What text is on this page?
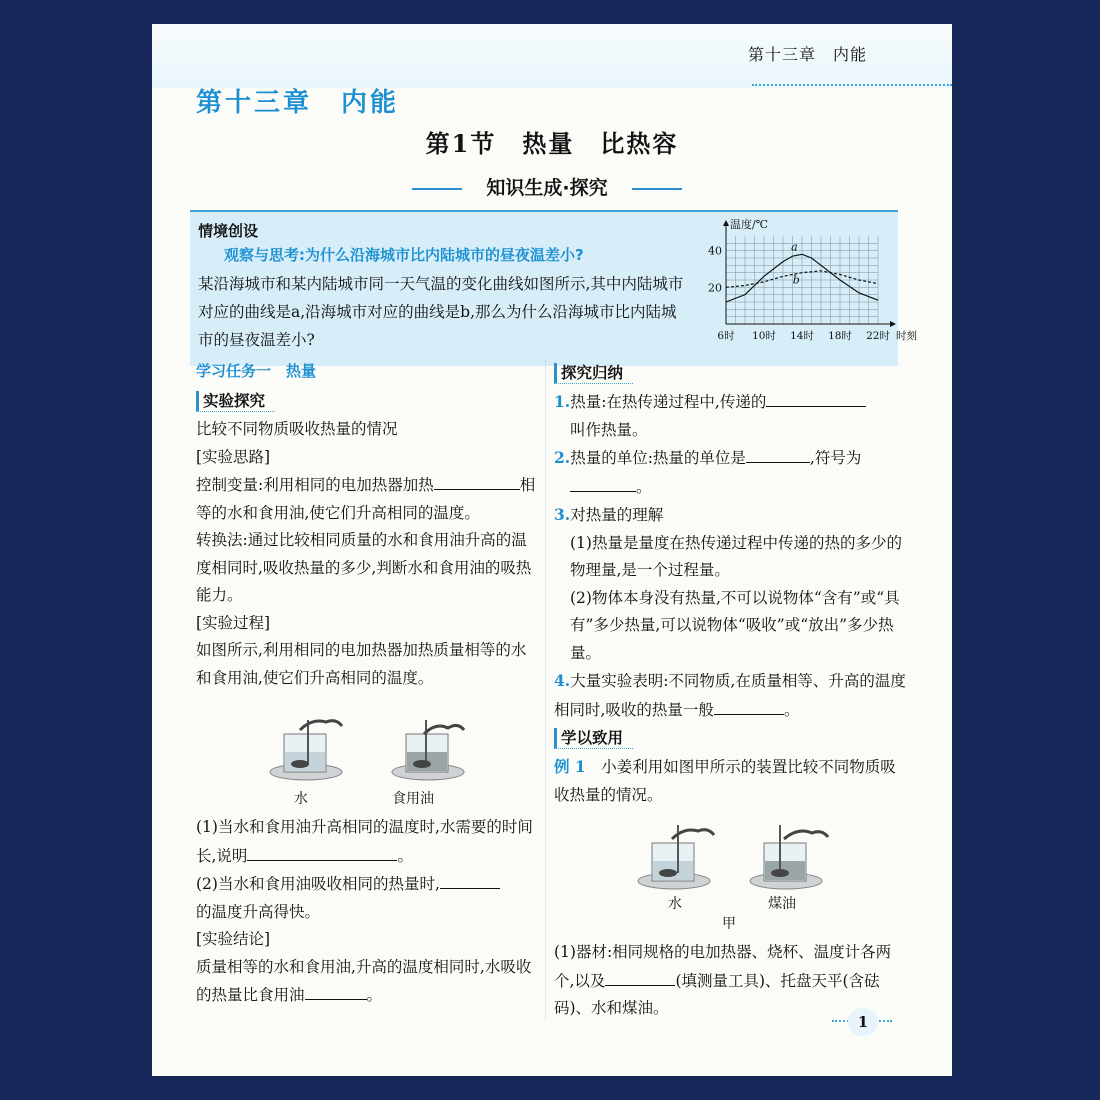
第十三章　内能
第十三章　内能
第1节　热量　比热容
知识生成·探究
情境创设
观察与思考:为什么沿海城市比内陆城市的昼夜温差小?
某沿海城市和某内陆城市同一天气温的变化曲线如图所示,其中内陆城市对应的曲线是a,沿海城市对应的曲线是b,那么为什么沿海城市比内陆城市的昼夜温差小?
温度/℃
20
40
6时 10时 14时 18时 22时 时刻
a
b
学习任务一　热量
实验探究

比较不同物质吸收热量的情况

[实验思路]

控制变量:利用相同的电加热器加热	相等的水和食用油,使它们升高相同的温度。

转换法:通过比较相同质量的水和食用油升高的温度相同时,吸收热量的多少,判断水和食用油的吸热能力。

[实验过程]

如图所示,利用相同的电加热器加热质量相等的水和食用油,使它们升高相同的温度。

水	食用油

(1)当水和食用油升高相同的温度时,水需要的时间长,说明	。

(2)当水和食用油吸收相同的热量时,
的温度升高得快。

[实验结论]

质量相等的水和食用油,升高的温度相同时,水吸收的热量比食用油	。

探究归纳

1.热量:在热传递过程中,传递的
叫作热量。

2.热量的单位:热量的单位是	,符号为
。

3.对热量的理解

(1)热量是量度在热传递过程中传递的热的多少的物理量,是一个过程量。

(2)物体本身没有热量,不可以说物体“含有”或“具有”多少热量,可以说物体“吸收”或“放出”多少热量。

4.大量实验表明:不同物质,在质量相等、升高的温度相同时,吸收的热量一般	。

学以致用

例 1　 小姜利用如图甲所示的装置比较不同物质吸收热量的情况。

水	煤油
甲

(1)器材:相同规格的电加热器、烧杯、温度计各两个,以及	(填测量工具)、托盘天平(含砝码)、水和煤油。

1
